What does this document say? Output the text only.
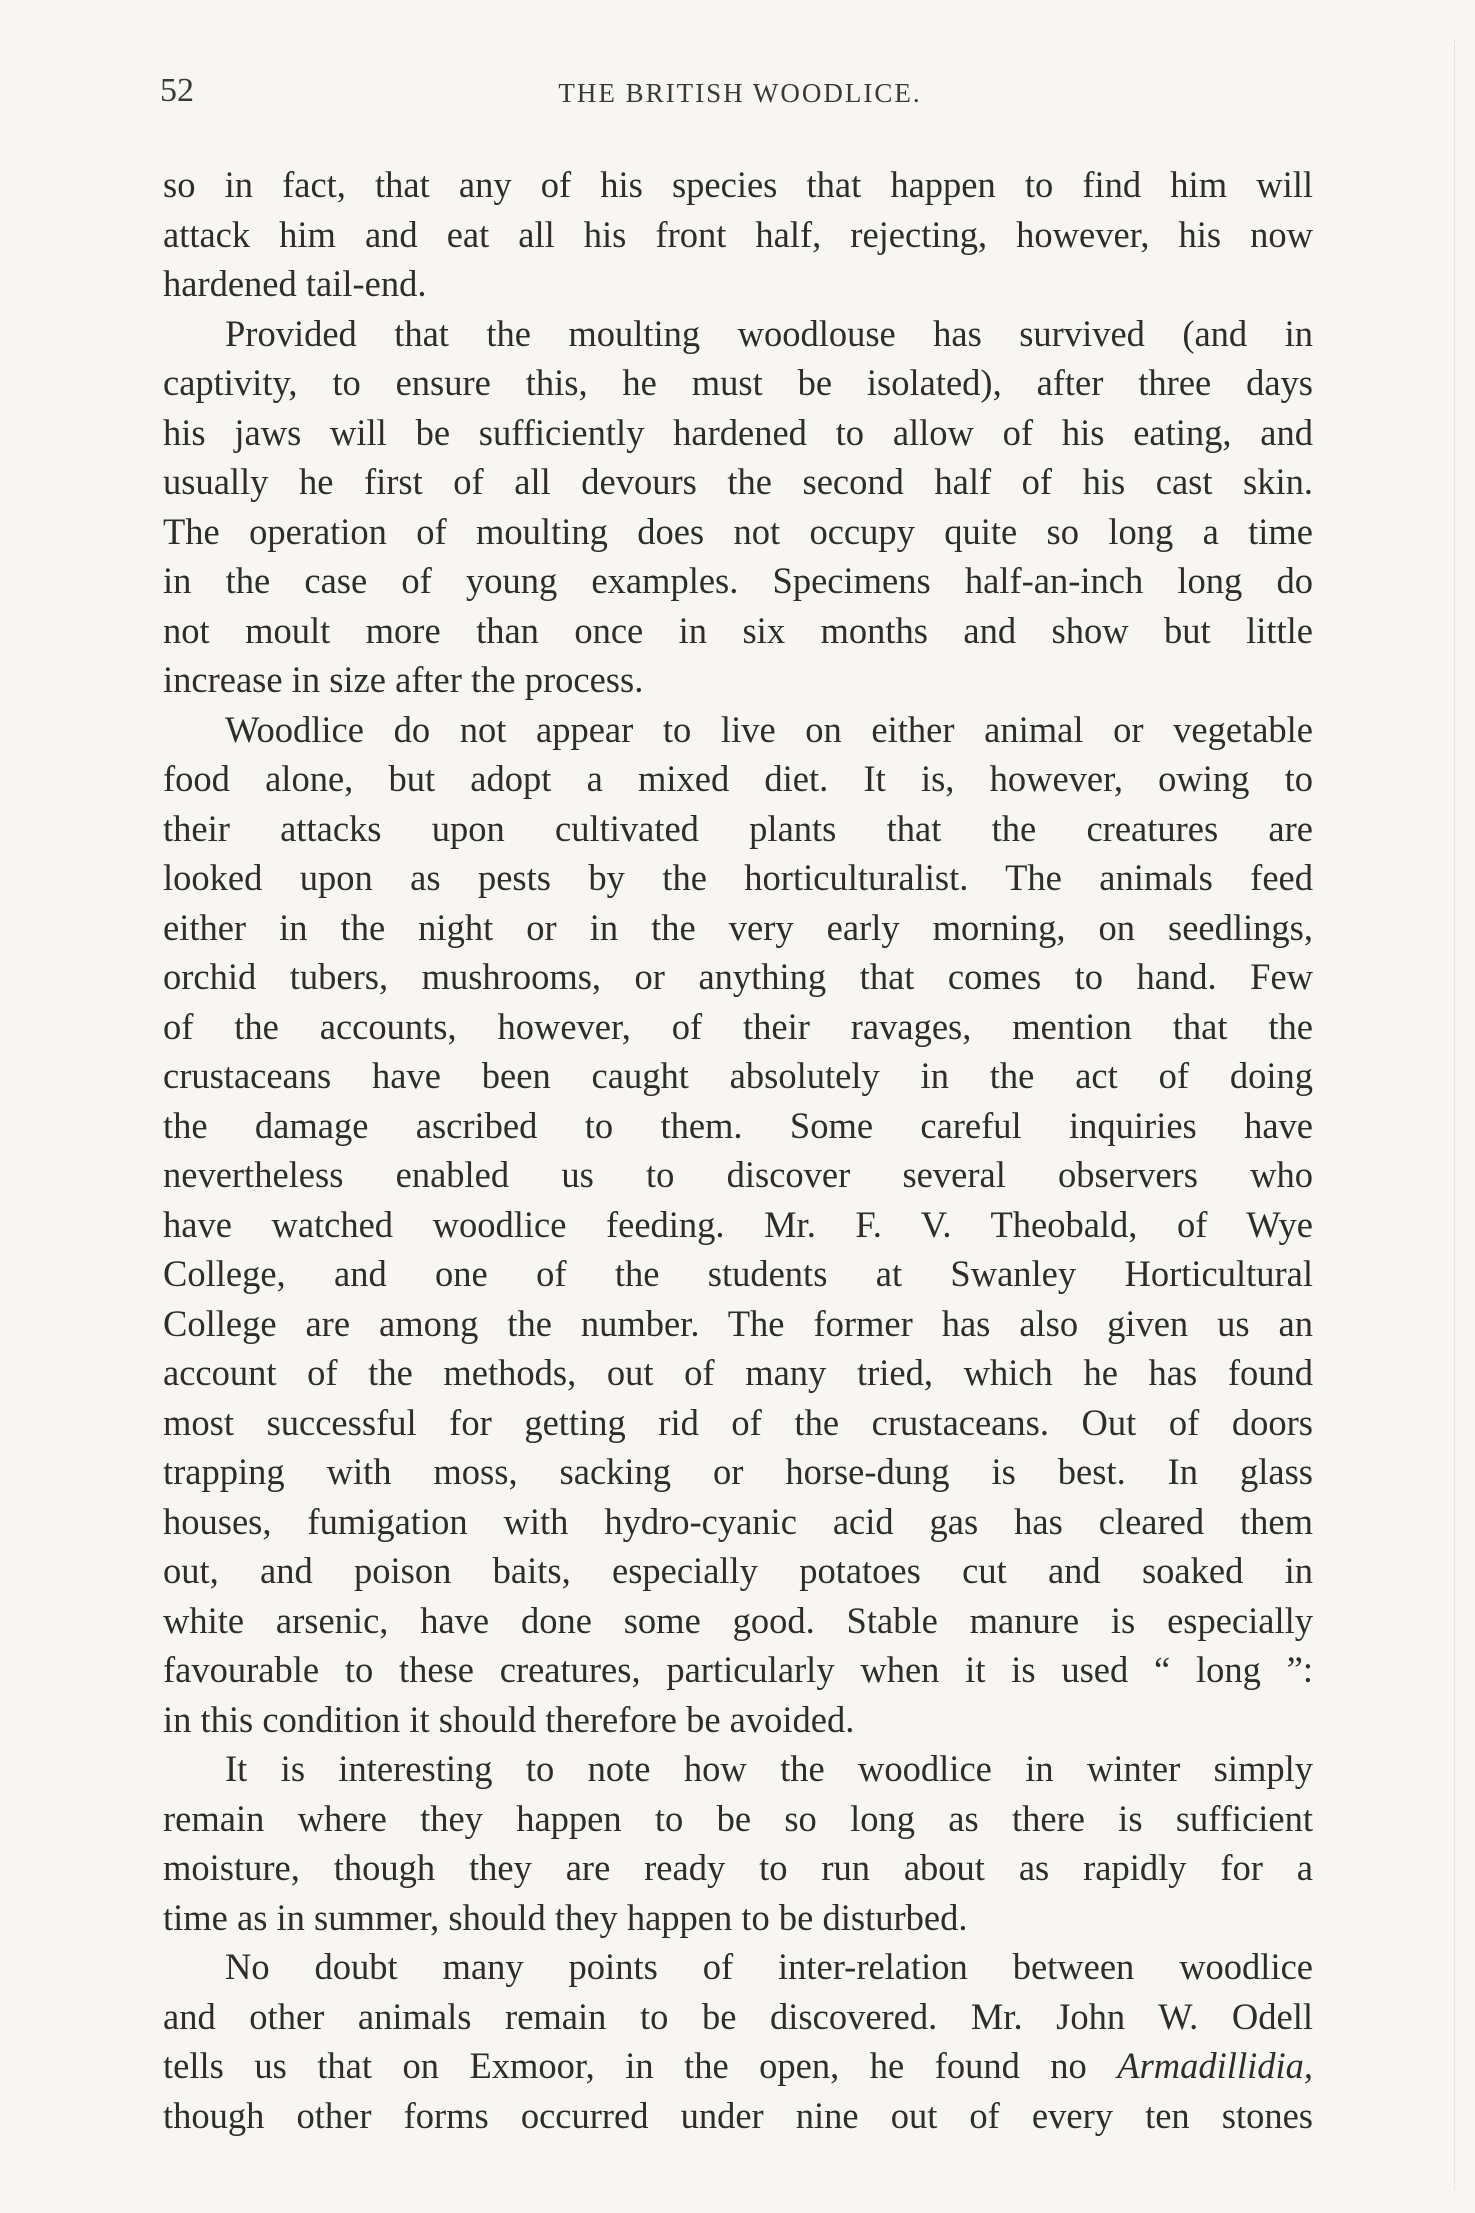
52	THE BRITISH WOODLICE.
so in fact, that any of his species that happen to find him will
attack him and eat all his front half, rejecting, however, his now
hardened tail-end.
Provided that the moulting woodlouse has survived (and in
captivity, to ensure this, he must be isolated), after three days
his jaws will be sufficiently hardened to allow of his eating, and
usually he first of all devours the second half of his cast skin.
The operation of moulting does not occupy quite so long a time
in the case of young examples. Specimens half-an-inch long do
not moult more than once in six months and show but little
increase in size after the process.
Woodlice do not appear to live on either animal or vegetable
food alone, but adopt a mixed diet. It is, however, owing to
their attacks upon cultivated plants that the creatures are
looked upon as pests by the horticulturalist. The animals feed
either in the night or in the very early morning, on seedlings,
orchid tubers, mushrooms, or anything that comes to hand. Few
of the accounts, however, of their ravages, mention that the
crustaceans have been caught absolutely in the act of doing
the damage ascribed to them. Some careful inquiries have
nevertheless enabled us to discover several observers who
have watched woodlice feeding. Mr. F. V. Theobald, of Wye
College, and one of the students at Swanley Horticultural
College are among the number. The former has also given us an
account of the methods, out of many tried, which he has found
most successful for getting rid of the crustaceans. Out of doors
trapping with moss, sacking or horse-dung is best. In glass
houses, fumigation with hydro-cyanic acid gas has cleared them
out, and poison baits, especially potatoes cut and soaked in
white arsenic, have done some good. Stable manure is especially
favourable to these creatures, particularly when it is used “ long ”:
in this condition it should therefore be avoided.
It is interesting to note how the woodlice in winter simply
remain where they happen to be so long as there is sufficient
moisture, though they are ready to run about as rapidly for a
time as in summer, should they happen to be disturbed.
No doubt many points of inter-relation between woodlice
and other animals remain to be discovered. Mr. John W. Odell
tells us that on Exmoor, in the open, he found no Armadillidia,
though other forms occurred under nine out of every ten stones
